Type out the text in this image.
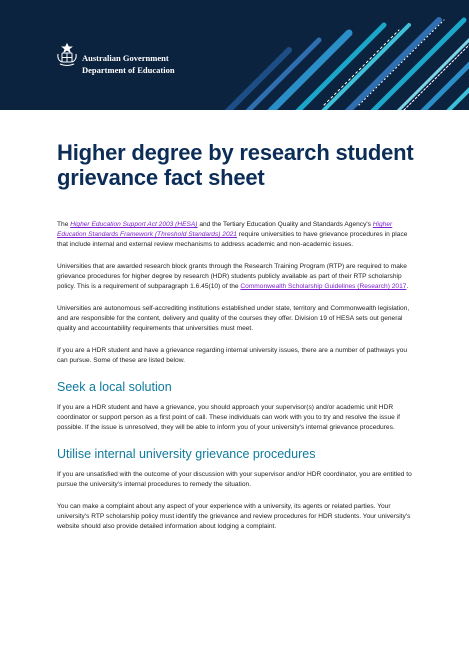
Australian Government
Department of Education
Higher degree by research student
grievance fact sheet

The Higher Education Support Act 2003 (HESA) and the Tertiary Education Quality and Standards Agency's Higher Education Standards Framework (Threshold Standards) 2021 require universities to have grievance procedures in place that include internal and external review mechanisms to address academic and non-academic issues.

Universities that are awarded research block grants through the Research Training Program (RTP) are required to make grievance procedures for higher degree by research (HDR) students publicly available as part of their RTP scholarship policy. This is a requirement of subparagraph 1.6.45(10) of the Commonwealth Scholarship Guidelines (Research) 2017.

Universities are autonomous self-accrediting institutions established under state, territory and Commonwealth legislation, and are responsible for the content, delivery and quality of the courses they offer. Division 19 of HESA sets out general quality and accountability requirements that universities must meet.

If you are a HDR student and have a grievance regarding internal university issues, there are a number of pathways you can pursue. Some of these are listed below.

Seek a local solution

If you are a HDR student and have a grievance, you should approach your supervisor(s) and/or academic unit HDR coordinator or support person as a first point of call. These individuals can work with you to try and resolve the issue if possible. If the issue is unresolved, they will be able to inform you of your university's internal grievance procedures.

Utilise internal university grievance procedures

If you are unsatisfied with the outcome of your discussion with your supervisor and/or HDR coordinator, you are entitled to pursue the university's internal procedures to remedy the situation.

You can make a complaint about any aspect of your experience with a university, its agents or related parties. Your university's RTP scholarship policy must identify the grievance and review procedures for HDR students. Your university's website should also provide detailed information about lodging a complaint.
